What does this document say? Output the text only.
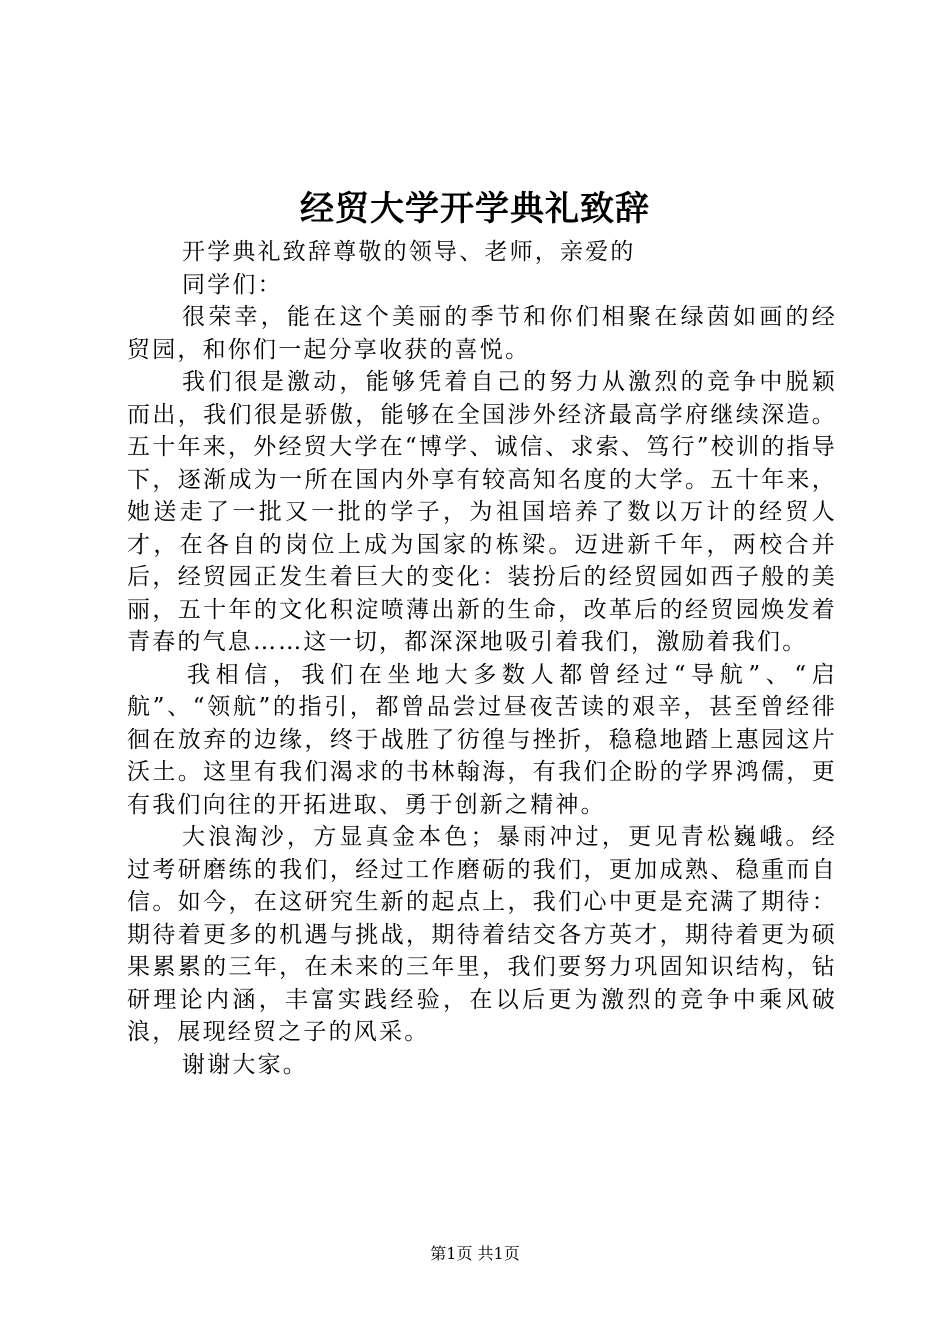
经贸大学开学典礼致辞

开学典礼致辞尊敬的领导、老师，亲爱的

同学们：

很荣幸，能在这个美丽的季节和你们相聚在绿茵如画的经贸园，和你们一起分享收获的喜悦。

我们很是激动，能够凭着自己的努力从激烈的竞争中脱颖而出，我们很是骄傲，能够在全国涉外经济最高学府继续深造。五十年来，外经贸大学在“博学、诚信、求索、笃行”校训的指导下，逐渐成为一所在国内外享有较高知名度的大学。五十年来，她送走了一批又一批的学子，为祖国培养了数以万计的经贸人才，在各自的岗位上成为国家的栋梁。迈进新千年，两校合并后，经贸园正发生着巨大的变化：装扮后的经贸园如西子般的美丽，五十年的文化积淀喷薄出新的生命，改革后的经贸园焕发着青春的气息……这一切，都深深地吸引着我们，激励着我们。

我相信，我们在坐地大多数人都曾经过“导航”、“启航”、“领航”的指引，都曾品尝过昼夜苦读的艰辛，甚至曾经徘徊在放弃的边缘，终于战胜了彷徨与挫折，稳稳地踏上惠园这片沃土。这里有我们渴求的书林翰海，有我们企盼的学界鸿儒，更有我们向往的开拓进取、勇于创新之精神。

大浪淘沙，方显真金本色；暴雨冲过，更见青松巍峨。经过考研磨练的我们，经过工作磨砺的我们，更加成熟、稳重而自信。如今，在这研究生新的起点上，我们心中更是充满了期待：期待着更多的机遇与挑战，期待着结交各方英才，期待着更为硕果累累的三年，在未来的三年里，我们要努力巩固知识结构，钻研理论内涵，丰富实践经验，在以后更为激烈的竞争中乘风破浪，展现经贸之子的风采。

谢谢大家。

第1页 共1页
